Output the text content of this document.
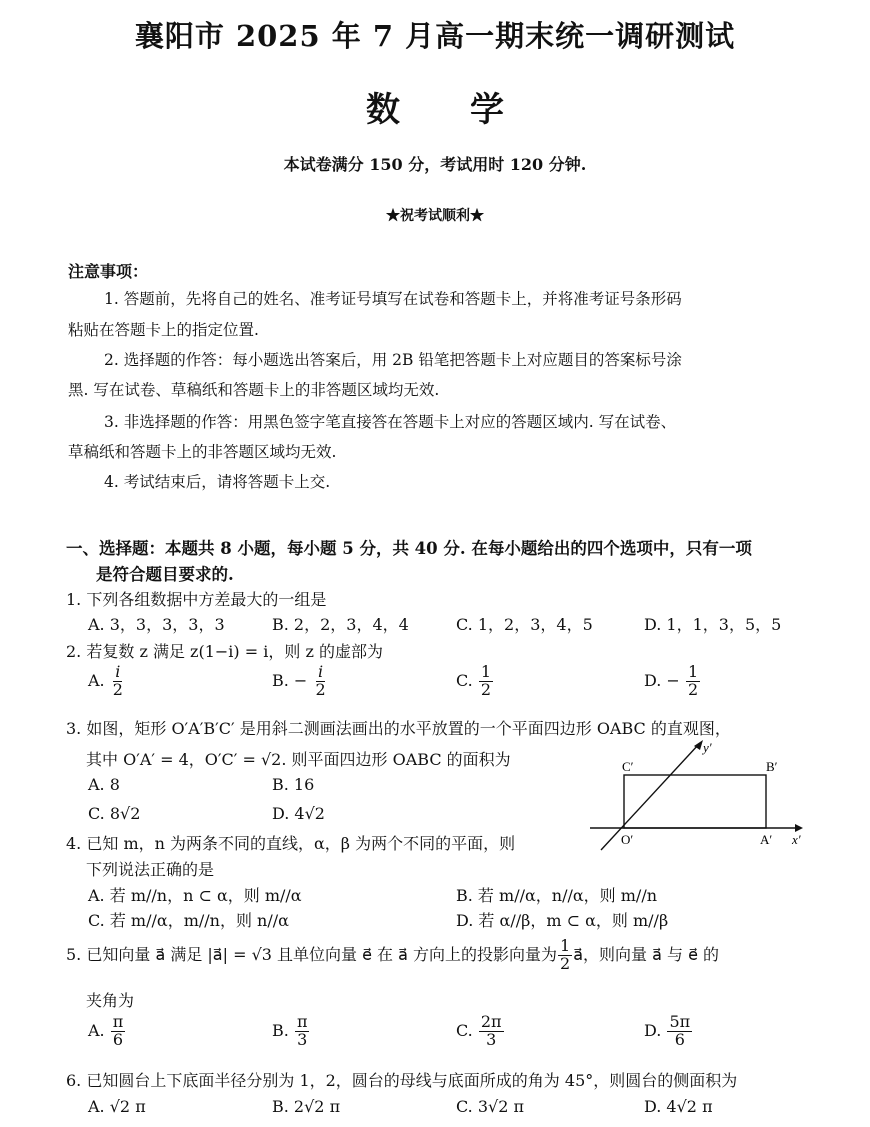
襄阳市 2025 年 7 月高一期末统一调研测试
数学
本试卷满分 150 分，考试用时 120 分钟.
★祝考试顺利★
注意事项：
1. 答题前，先将自己的姓名、准考证号填写在试卷和答题卡上，并将准考证号条形码
粘贴在答题卡上的指定位置.
2. 选择题的作答：每小题选出答案后，用 2B 铅笔把答题卡上对应题目的答案标号涂
黑. 写在试卷、草稿纸和答题卡上的非答题区域均无效.
3. 非选择题的作答：用黑色签字笔直接答在答题卡上对应的答题区域内. 写在试卷、
草稿纸和答题卡上的非答题区域均无效.
4. 考试结束后，请将答题卡上交.
一、选择题：本题共 8 小题，每小题 5 分，共 40 分. 在每小题给出的四个选项中，只有一项
是符合题目要求的.
1. 下列各组数据中方差最大的一组是
A. 3，3，3，3，3	B. 2，2，3，4，4	C. 1，2，3，4，5	D. 1，1，3，5，5
2. 若复数 z 满足 z(1−i) = i，则 z 的虚部为
A. $\frac{i}{2}$	B. − $\frac{i}{2}$	C. $\frac{1}{2}$	D. − $\frac{1}{2}$
3. 如图，矩形 O′A′B′C′ 是用斜二测画法画出的水平放置的一个平面四边形 OABC 的直观图，
其中 O′A′ = 4，O′C′ = √2. 则平面四边形 OABC 的面积为
A. 8	B. 16
C. 8√2	D. 4√2
C′	B′
O′	A′ x′
y′
4. 已知 m，n 为两条不同的直线，α，β 为两个不同的平面，则
下列说法正确的是
A. 若 m//n，n ⊂ α，则 m//α	B. 若 m//α，n//α，则 m//n
C. 若 m//α，m//n，则 n//α	D. 若 α//β，m ⊂ α，则 m//β
5. 已知向量 a⃗ 满足 |a⃗| = √3 且单位向量 e⃗ 在 a⃗ 方向上的投影向量为 $\frac{1}{2}$ a⃗，则向量 a⃗ 与 e⃗ 的
夹角为
A. $\frac{\pi}{6}$	B. $\frac{\pi}{3}$	C. $\frac{2\pi}{3}$	D. $\frac{5\pi}{6}$
6. 已知圆台上下底面半径分别为 1，2，圆台的母线与底面所成的角为 45°，则圆台的侧面积为
A. √2 π	B. 2√2 π	C. 3√2 π	D. 4√2 π
